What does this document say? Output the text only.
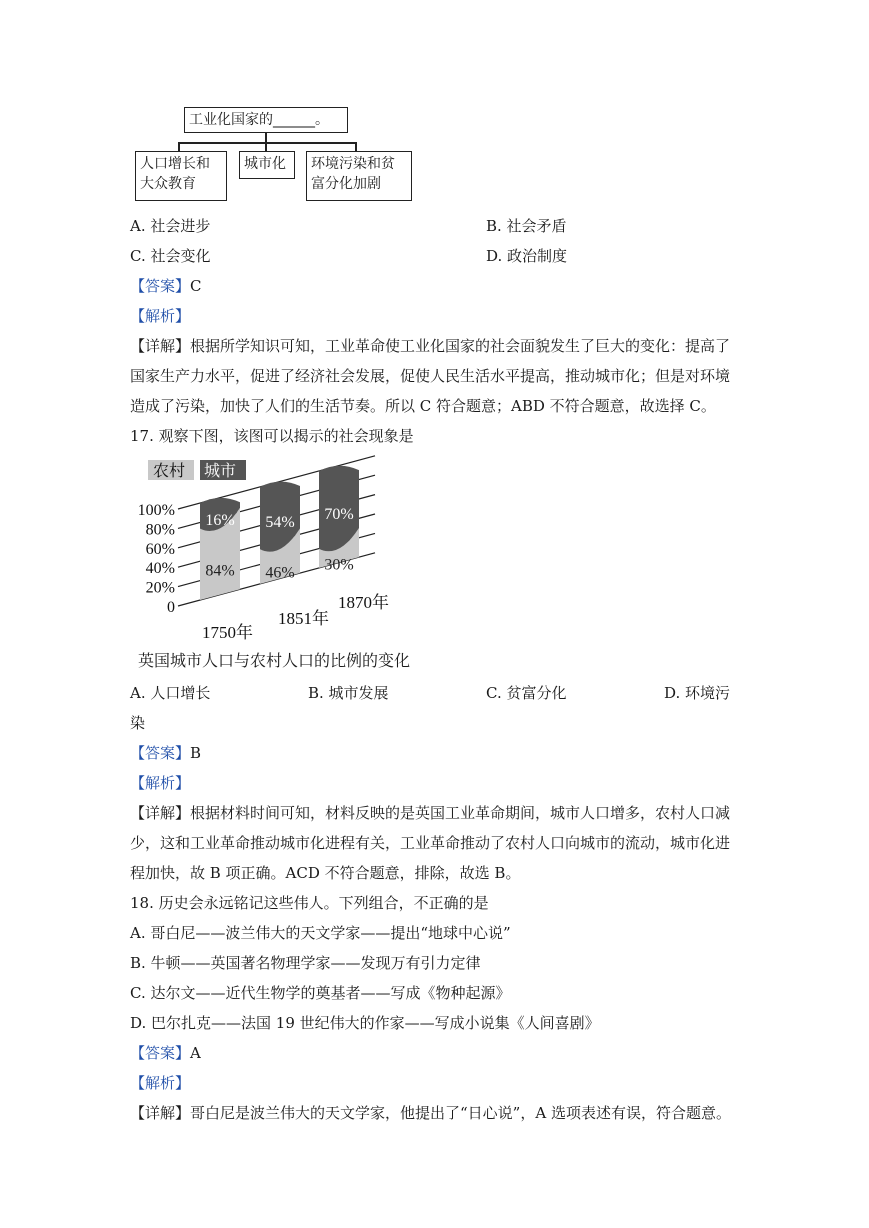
工业化国家的______。
人口增长和大众教育
城市化	环境污染和贫富分化加剧
A. 社会进步	B. 社会矛盾
C. 社会变化	D. 政治制度
【答案】C
【解析】
【详解】根据所学知识可知，工业革命使工业化国家的社会面貌发生了巨大的变化：提高了
国家生产力水平，促进了经济社会发展，促使人民生活水平提高，推动城市化；但是对环境
造成了污染，加快了人们的生活节奏。所以 C 符合题意；ABD 不符合题意，故选择 C。
17. 观察下图，该图可以揭示的社会现象是
100%
80%
60%
40%
20%
0
农村 城市
16%
84%
1750年
54%
46%
1851年
70%
30%
1870年
英国城市人口与农村人口的比例的变化
A. 人口增长	B. 城市发展	C. 贫富分化	D. 环境污
染
【答案】B
【解析】
【详解】根据材料时间可知，材料反映的是英国工业革命期间，城市人口增多，农村人口减
少，这和工业革命推动城市化进程有关，工业革命推动了农村人口向城市的流动，城市化进
程加快，故 B 项正确。ACD 不符合题意，排除，故选 B。
18. 历史会永远铭记这些伟人。下列组合，不正确的是
A. 哥白尼——波兰伟大的天文学家——提出“地球中心说”
B. 牛顿——英国著名物理学家——发现万有引力定律
C. 达尔文——近代生物学的奠基者——写成《物种起源》
D. 巴尔扎克——法国 19 世纪伟大的作家——写成小说集《人间喜剧》
【答案】A
【解析】
【详解】哥白尼是波兰伟大的天文学家，他提出了“日心说”，A 选项表述有误，符合题意。
